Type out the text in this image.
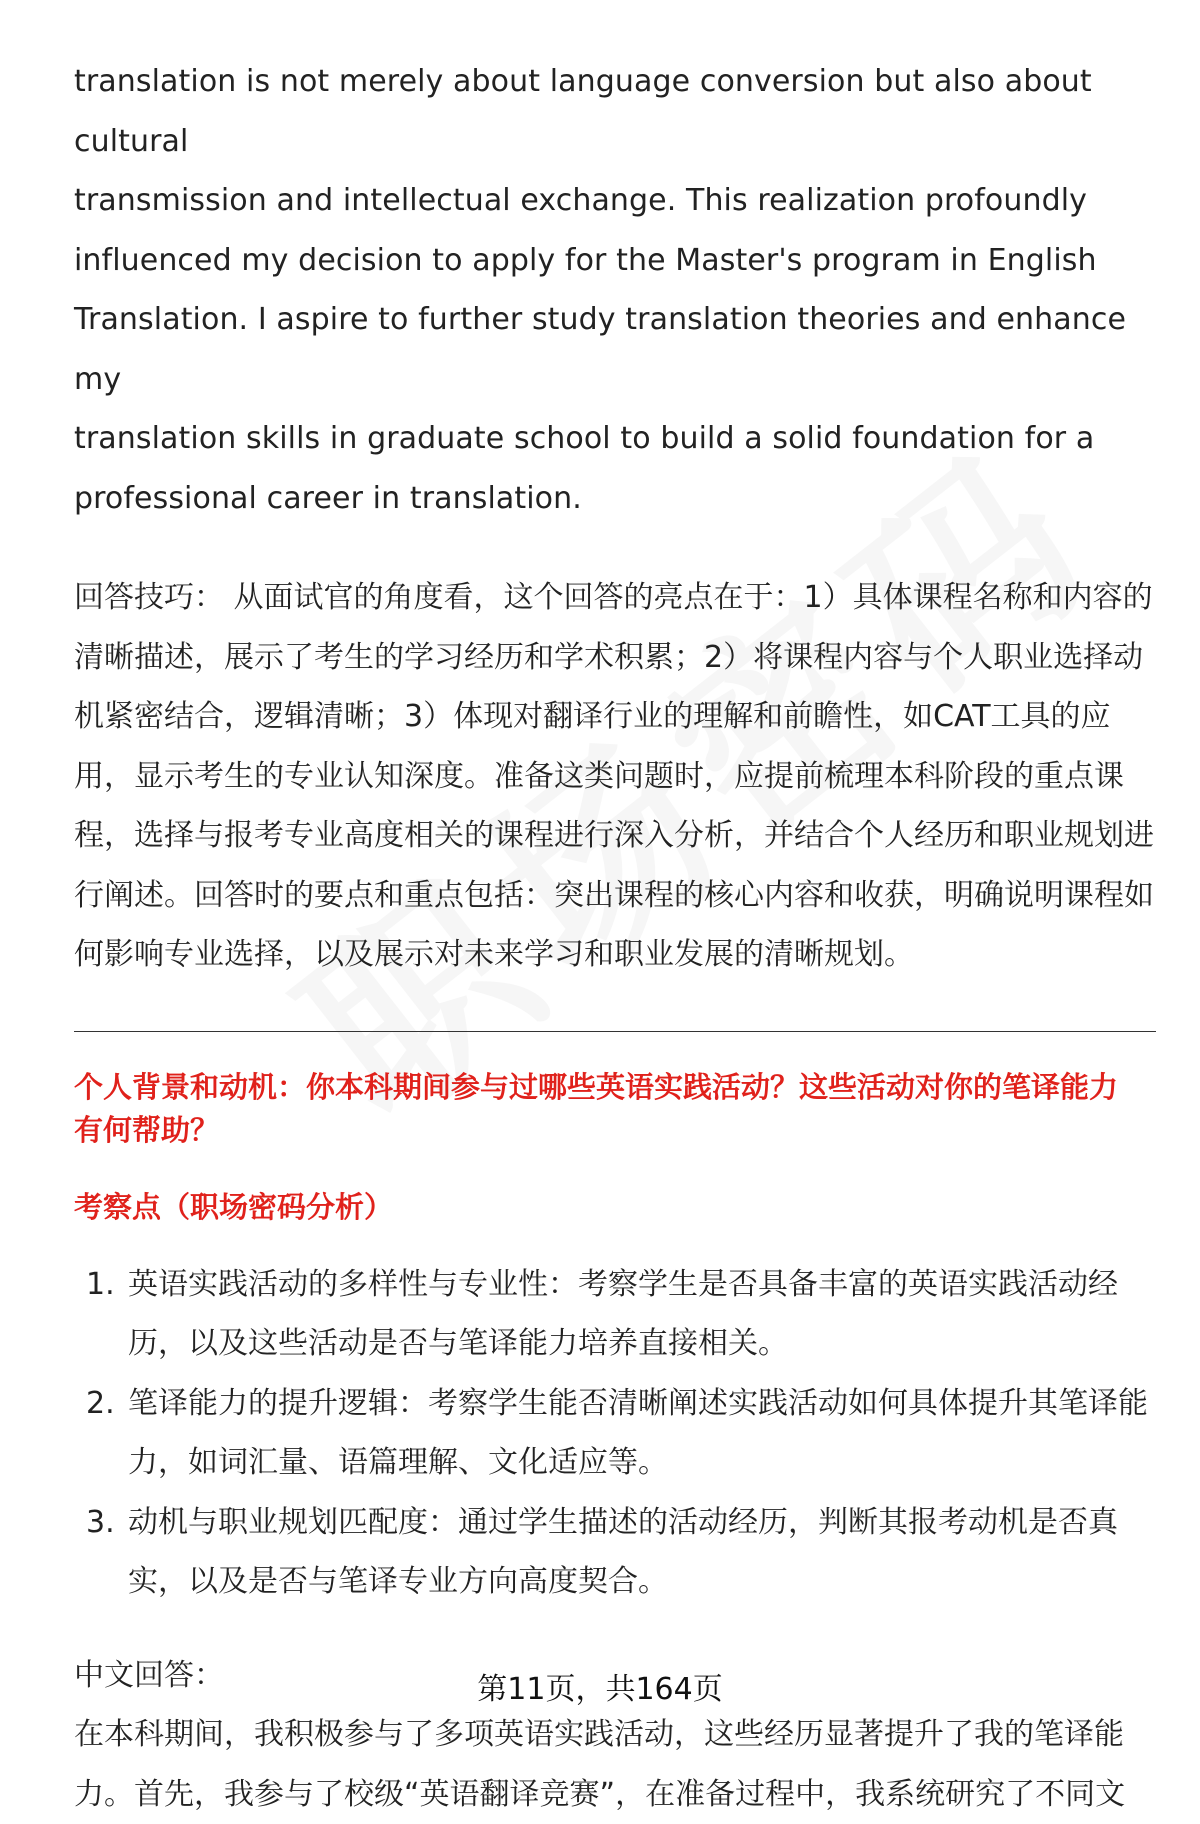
translation is not merely about language conversion but also about cultural
transmission and intellectual exchange. This realization profoundly
influenced my decision to apply for the Master's program in English
Translation. I aspire to further study translation theories and enhance my
translation skills in graduate school to build a solid foundation for a
professional career in translation.
回答技巧： 从面试官的角度看，这个回答的亮点在于：1）具体课程名称和内容的
清晰描述，展示了考生的学习经历和学术积累；2）将课程内容与个人职业选择动
机紧密结合，逻辑清晰；3）体现对翻译行业的理解和前瞻性，如CAT工具的应
用，显示考生的专业认知深度。准备这类问题时，应提前梳理本科阶段的重点课
程，选择与报考专业高度相关的课程进行深入分析，并结合个人经历和职业规划进
行阐述。回答时的要点和重点包括：突出课程的核心内容和收获，明确说明课程如
何影响专业选择，以及展示对未来学习和职业发展的清晰规划。
个人背景和动机：你本科期间参与过哪些英语实践活动？这些活动对你的笔译能力
有何帮助？
考察点（职场密码分析）
1. 英语实践活动的多样性与专业性：考察学生是否具备丰富的英语实践活动经
历，以及这些活动是否与笔译能力培养直接相关。
2. 笔译能力的提升逻辑：考察学生能否清晰阐述实践活动如何具体提升其笔译能
力，如词汇量、语篇理解、文化适应等。
3. 动机与职业规划匹配度：通过学生描述的活动经历，判断其报考动机是否真
实，以及是否与笔译专业方向高度契合。
中文回答：
在本科期间，我积极参与了多项英语实践活动，这些经历显著提升了我的笔译能
力。首先，我参与了校级“英语翻译竞赛”，在准备过程中，我系统研究了不同文
第11页，共164页
